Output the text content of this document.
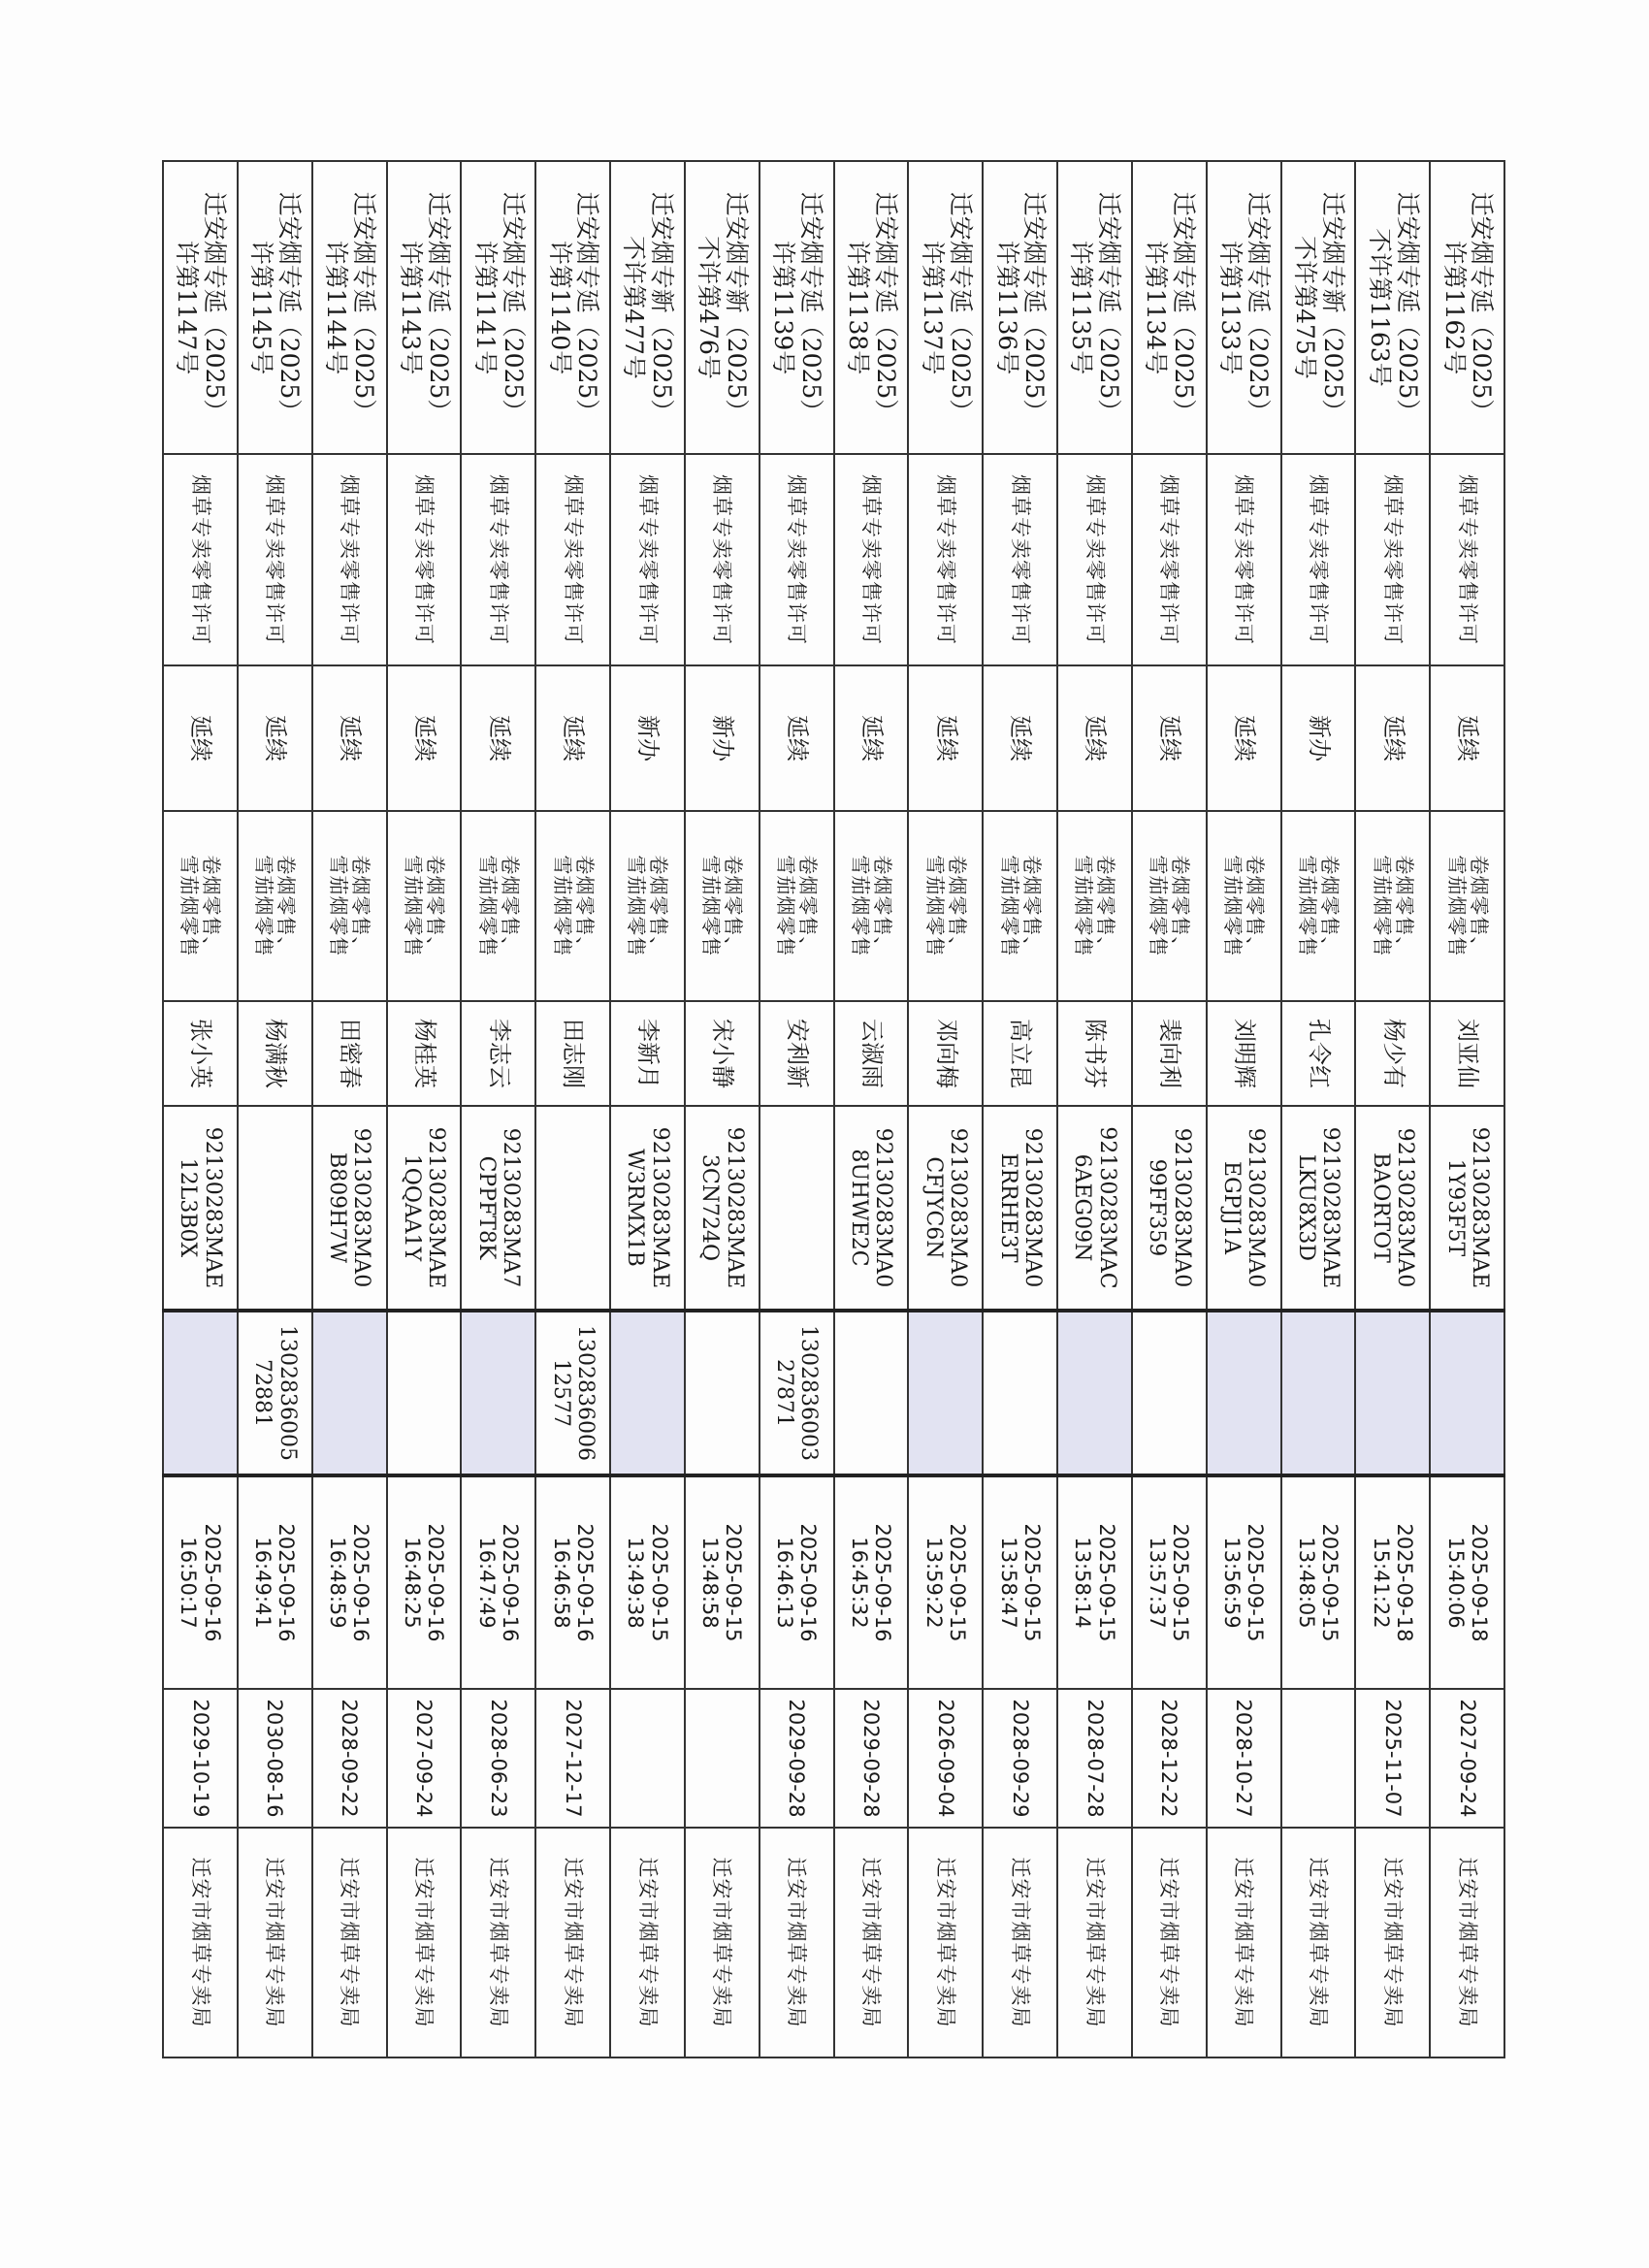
迁安烟专延（2025）
许第1162号	烟草专卖零售许可	延续	卷烟零售、
雪茄烟零售	刘亚仙	92130283MAE
1Y93F5T		2025-09-18
15:40:06	2027-09-24	迁安市烟草专卖局
迁安烟专延（2025）
不许第1163号	烟草专卖零售许可	延续	卷烟零售、
雪茄烟零售	杨少有	92130283MA0
BAORTOT		2025-09-18
15:41:22	2025-11-07	迁安市烟草专卖局
迁安烟专新（2025）
不许第475号	烟草专卖零售许可	新办	卷烟零售、
雪茄烟零售	孔令红	92130283MAE
LKU8X3D		2025-09-15
13:48:05		迁安市烟草专卖局
迁安烟专延（2025）
许第1133号	烟草专卖零售许可	延续	卷烟零售、
雪茄烟零售	刘明辉	92130283MA0
EGPJJ1A		2025-09-15
13:56:59	2028-10-27	迁安市烟草专卖局
迁安烟专延（2025）
许第1134号	烟草专卖零售许可	延续	卷烟零售、
雪茄烟零售	裴向利	92130283MA0
99FF359		2025-09-15
13:57:37	2028-12-22	迁安市烟草专卖局
迁安烟专延（2025）
许第1135号	烟草专卖零售许可	延续	卷烟零售、
雪茄烟零售	陈书芬	92130283MAC
6AEG09N		2025-09-15
13:58:14	2028-07-28	迁安市烟草专卖局
迁安烟专延（2025）
许第1136号	烟草专卖零售许可	延续	卷烟零售、
雪茄烟零售	高立昆	92130283MA0
ERRHE3T		2025-09-15
13:58:47	2028-09-29	迁安市烟草专卖局
迁安烟专延（2025）
许第1137号	烟草专卖零售许可	延续	卷烟零售、
雪茄烟零售	邓向梅	92130283MA0
CFJYC6N		2025-09-15
13:59:22	2026-09-04	迁安市烟草专卖局
迁安烟专延（2025）
许第1138号	烟草专卖零售许可	延续	卷烟零售、
雪茄烟零售	云淑雨	92130283MA0
8UHWE2C		2025-09-16
16:45:32	2029-09-28	迁安市烟草专卖局
迁安烟专延（2025）
许第1139号	烟草专卖零售许可	延续	卷烟零售、
雪茄烟零售	安利新		1302836003
27871	2025-09-16
16:46:13	2029-09-28	迁安市烟草专卖局
迁安烟专新（2025）
不许第476号	烟草专卖零售许可	新办	卷烟零售、
雪茄烟零售	宋小静	92130283MAE
3CN724Q		2025-09-15
13:48:58		迁安市烟草专卖局
迁安烟专新（2025）
不许第477号	烟草专卖零售许可	新办	卷烟零售、
雪茄烟零售	李新月	92130283MAE
W3RMX1B		2025-09-15
13:49:38		迁安市烟草专卖局
迁安烟专延（2025）
许第1140号	烟草专卖零售许可	延续	卷烟零售、
雪茄烟零售	田志刚		1302836006
12577	2025-09-16
16:46:58	2027-12-17	迁安市烟草专卖局
迁安烟专延（2025）
许第1141号	烟草专卖零售许可	延续	卷烟零售、
雪茄烟零售	李志云	92130283MA7
CPPFT8K		2025-09-16
16:47:49	2028-06-23	迁安市烟草专卖局
迁安烟专延（2025）
许第1143号	烟草专卖零售许可	延续	卷烟零售、
雪茄烟零售	杨桂英	92130283MAE
1QQAA1Y		2025-09-16
16:48:25	2027-09-24	迁安市烟草专卖局
迁安烟专延（2025）
许第1144号	烟草专卖零售许可	延续	卷烟零售、
雪茄烟零售	田密春	92130283MA0
B809H7W		2025-09-16
16:48:59	2028-09-22	迁安市烟草专卖局
迁安烟专延（2025）
许第1145号	烟草专卖零售许可	延续	卷烟零售、
雪茄烟零售	杨满秋		1302836005
72881	2025-09-16
16:49:41	2030-08-16	迁安市烟草专卖局
迁安烟专延（2025）
许第1147号	烟草专卖零售许可	延续	卷烟零售、
雪茄烟零售	张小英	92130283MAE
12L3B0X		2025-09-16
16:50:17	2029-10-19	迁安市烟草专卖局
